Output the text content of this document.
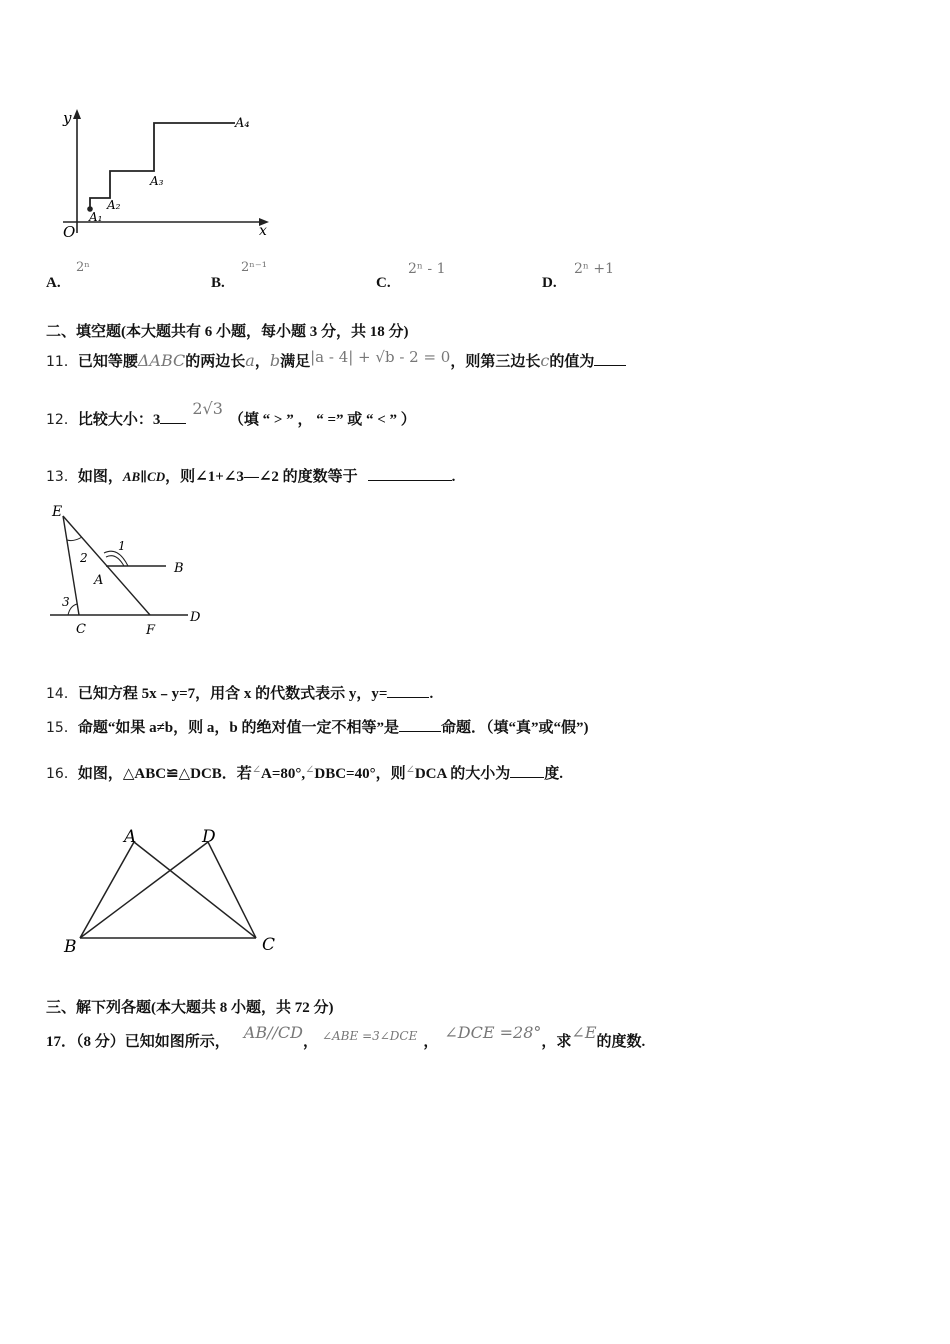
y
O	x
A₁
A₂
A₃
A₄
A.
2ⁿ
B.
2ⁿ⁻¹
C.
2ⁿ - 1
D.
2ⁿ +1
二、填空题(本大题共有 6 小题，每小题 3 分，共 18 分)
11．已知等腰ΔABC的两边长a，b满足|a - 4| + √b - 2 = 0，则第三边长c的值为
12．比较大小：32√3（填 “ > ” ， “ =” 或 “ < ” ）
13．如图，AB∥CD，则∠1+∠3—∠2 的度数等于	.
E
2
1
A
B
3
C	F
D
14．已知方程 5x﹣y=7，用含 x 的代数式表示 y，y=	.
15．命题“如果 a≠b，则 a，b 的绝对值一定不相等”是	命题．（填“真”或“假”)
16．如图，△ABC≌△DCB．若∠A=80°,∠DBC=40°，则∠DCA 的大小为 度.
A	D
B	C
三、解下列各题(本大题共 8 小题，共 72 分)
17．（8 分）已知如图所示， AB//CD， $^{\angle ABE =3\angle DCE}$ ， ∠DCE =28°，求∠E的度数.
